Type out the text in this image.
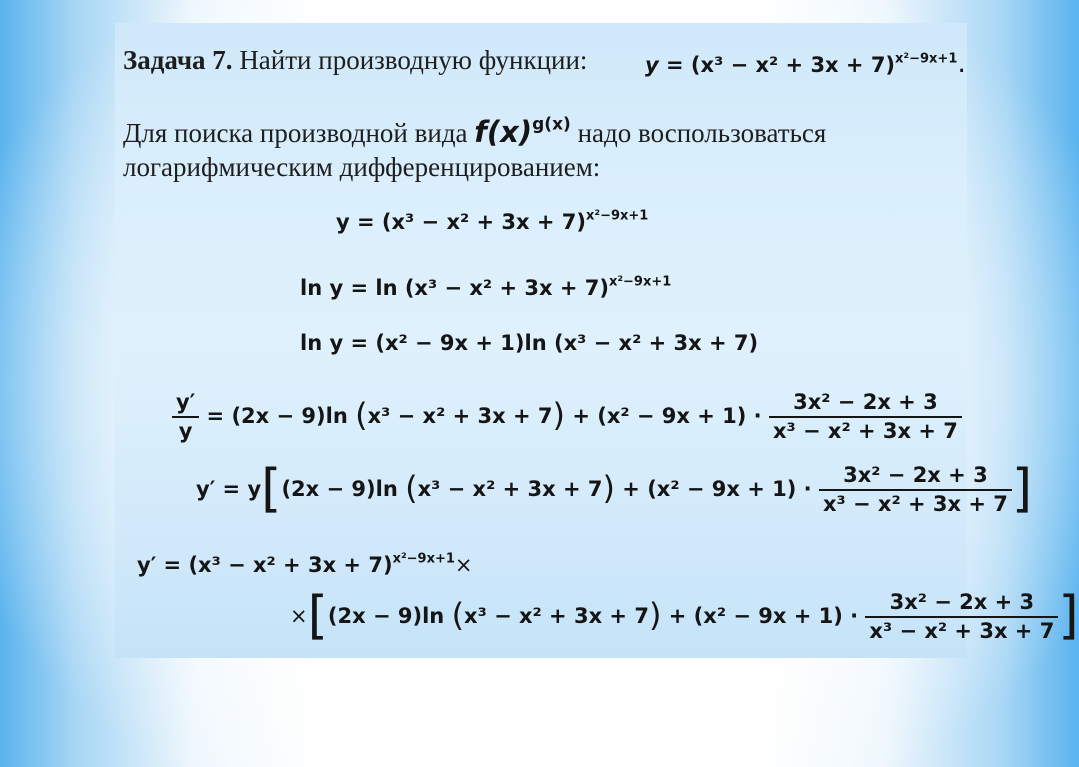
Задача 7. Найти производную функции:	$y = (x^3 - x^2 + 3x + 7)^{x^2-9x+1}$.
Для поиска производной вида $f(x)^{g(x)}$ надо воспользоваться
логарифмическим дифференцированием:
$y = (x^3 - x^2 + 3x + 7)^{x^2-9x+1}$
$\ln y = \ln (x^3 - x^2 + 3x + 7)^{x^2-9x+1}$
ln y = (x² − 9x + 1)ln (x³ − x² + 3x + 7)
$\frac{y'}{y} = (2x - 9)\ln$ $(x^3 - x^2 + 3x + 7) + (x^2 - 9x + 1) \cdot \frac{\text{3x² − 2x + 3}}{\text{x³ − x² + 3x + 7}}$
y′ = y[(2x − 9)ln $(x^3 - x^2 + 3x + 7) + (x^2 - 9x + 1) \cdot \frac{\text{3x² − 2x + 3}}{\text{x³ − x² + 3x + 7}}$ ]
$y' = (x^3 - x^2 + 3x + 7)^{x^2-9x+1}\times$
×[(2x − 9)ln $(x^3 - x^2 + 3x + 7) + (x^2 - 9x + 1) \cdot \frac{\text{3x² − 2x + 3}}{\text{x³ − x² + 3x + 7}}$ ]
